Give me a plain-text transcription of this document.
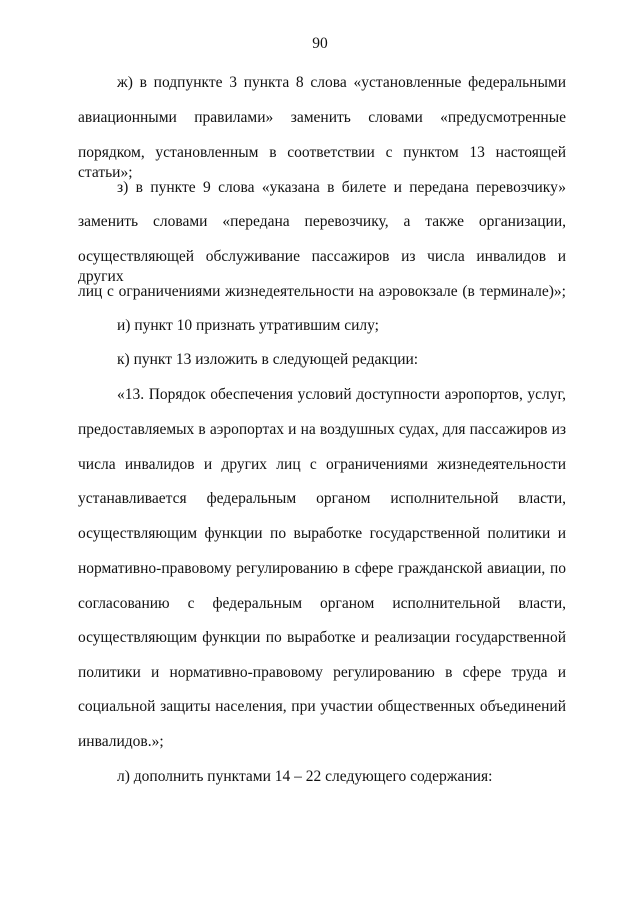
90
ж) в подпункте 3 пункта 8 слова «установленные федеральными
авиационными правилами» заменить словами «предусмотренные
порядком, установленным в соответствии с пунктом 13 настоящей статьи»;
з) в пункте 9 слова «указана в билете и передана перевозчику»
заменить словами «передана перевозчику, а также организации,
осуществляющей обслуживание пассажиров из числа инвалидов и других
лиц с ограничениями жизнедеятельности на аэровокзале (в терминале)»;
и) пункт 10 признать утратившим силу;
к) пункт 13 изложить в следующей редакции:
«13. Порядок обеспечения условий доступности аэропортов, услуг,
предоставляемых в аэропортах и на воздушных судах, для пассажиров из
числа инвалидов и других лиц с ограничениями жизнедеятельности
устанавливается федеральным органом исполнительной власти,
осуществляющим функции по выработке государственной политики и
нормативно-правовому регулированию в сфере гражданской авиации, по
согласованию с федеральным органом исполнительной власти,
осуществляющим функции по выработке и реализации государственной
политики и нормативно-правовому регулированию в сфере труда и
социальной защиты населения, при участии общественных объединений
инвалидов.»;
л) дополнить пунктами 14 – 22 следующего содержания:
